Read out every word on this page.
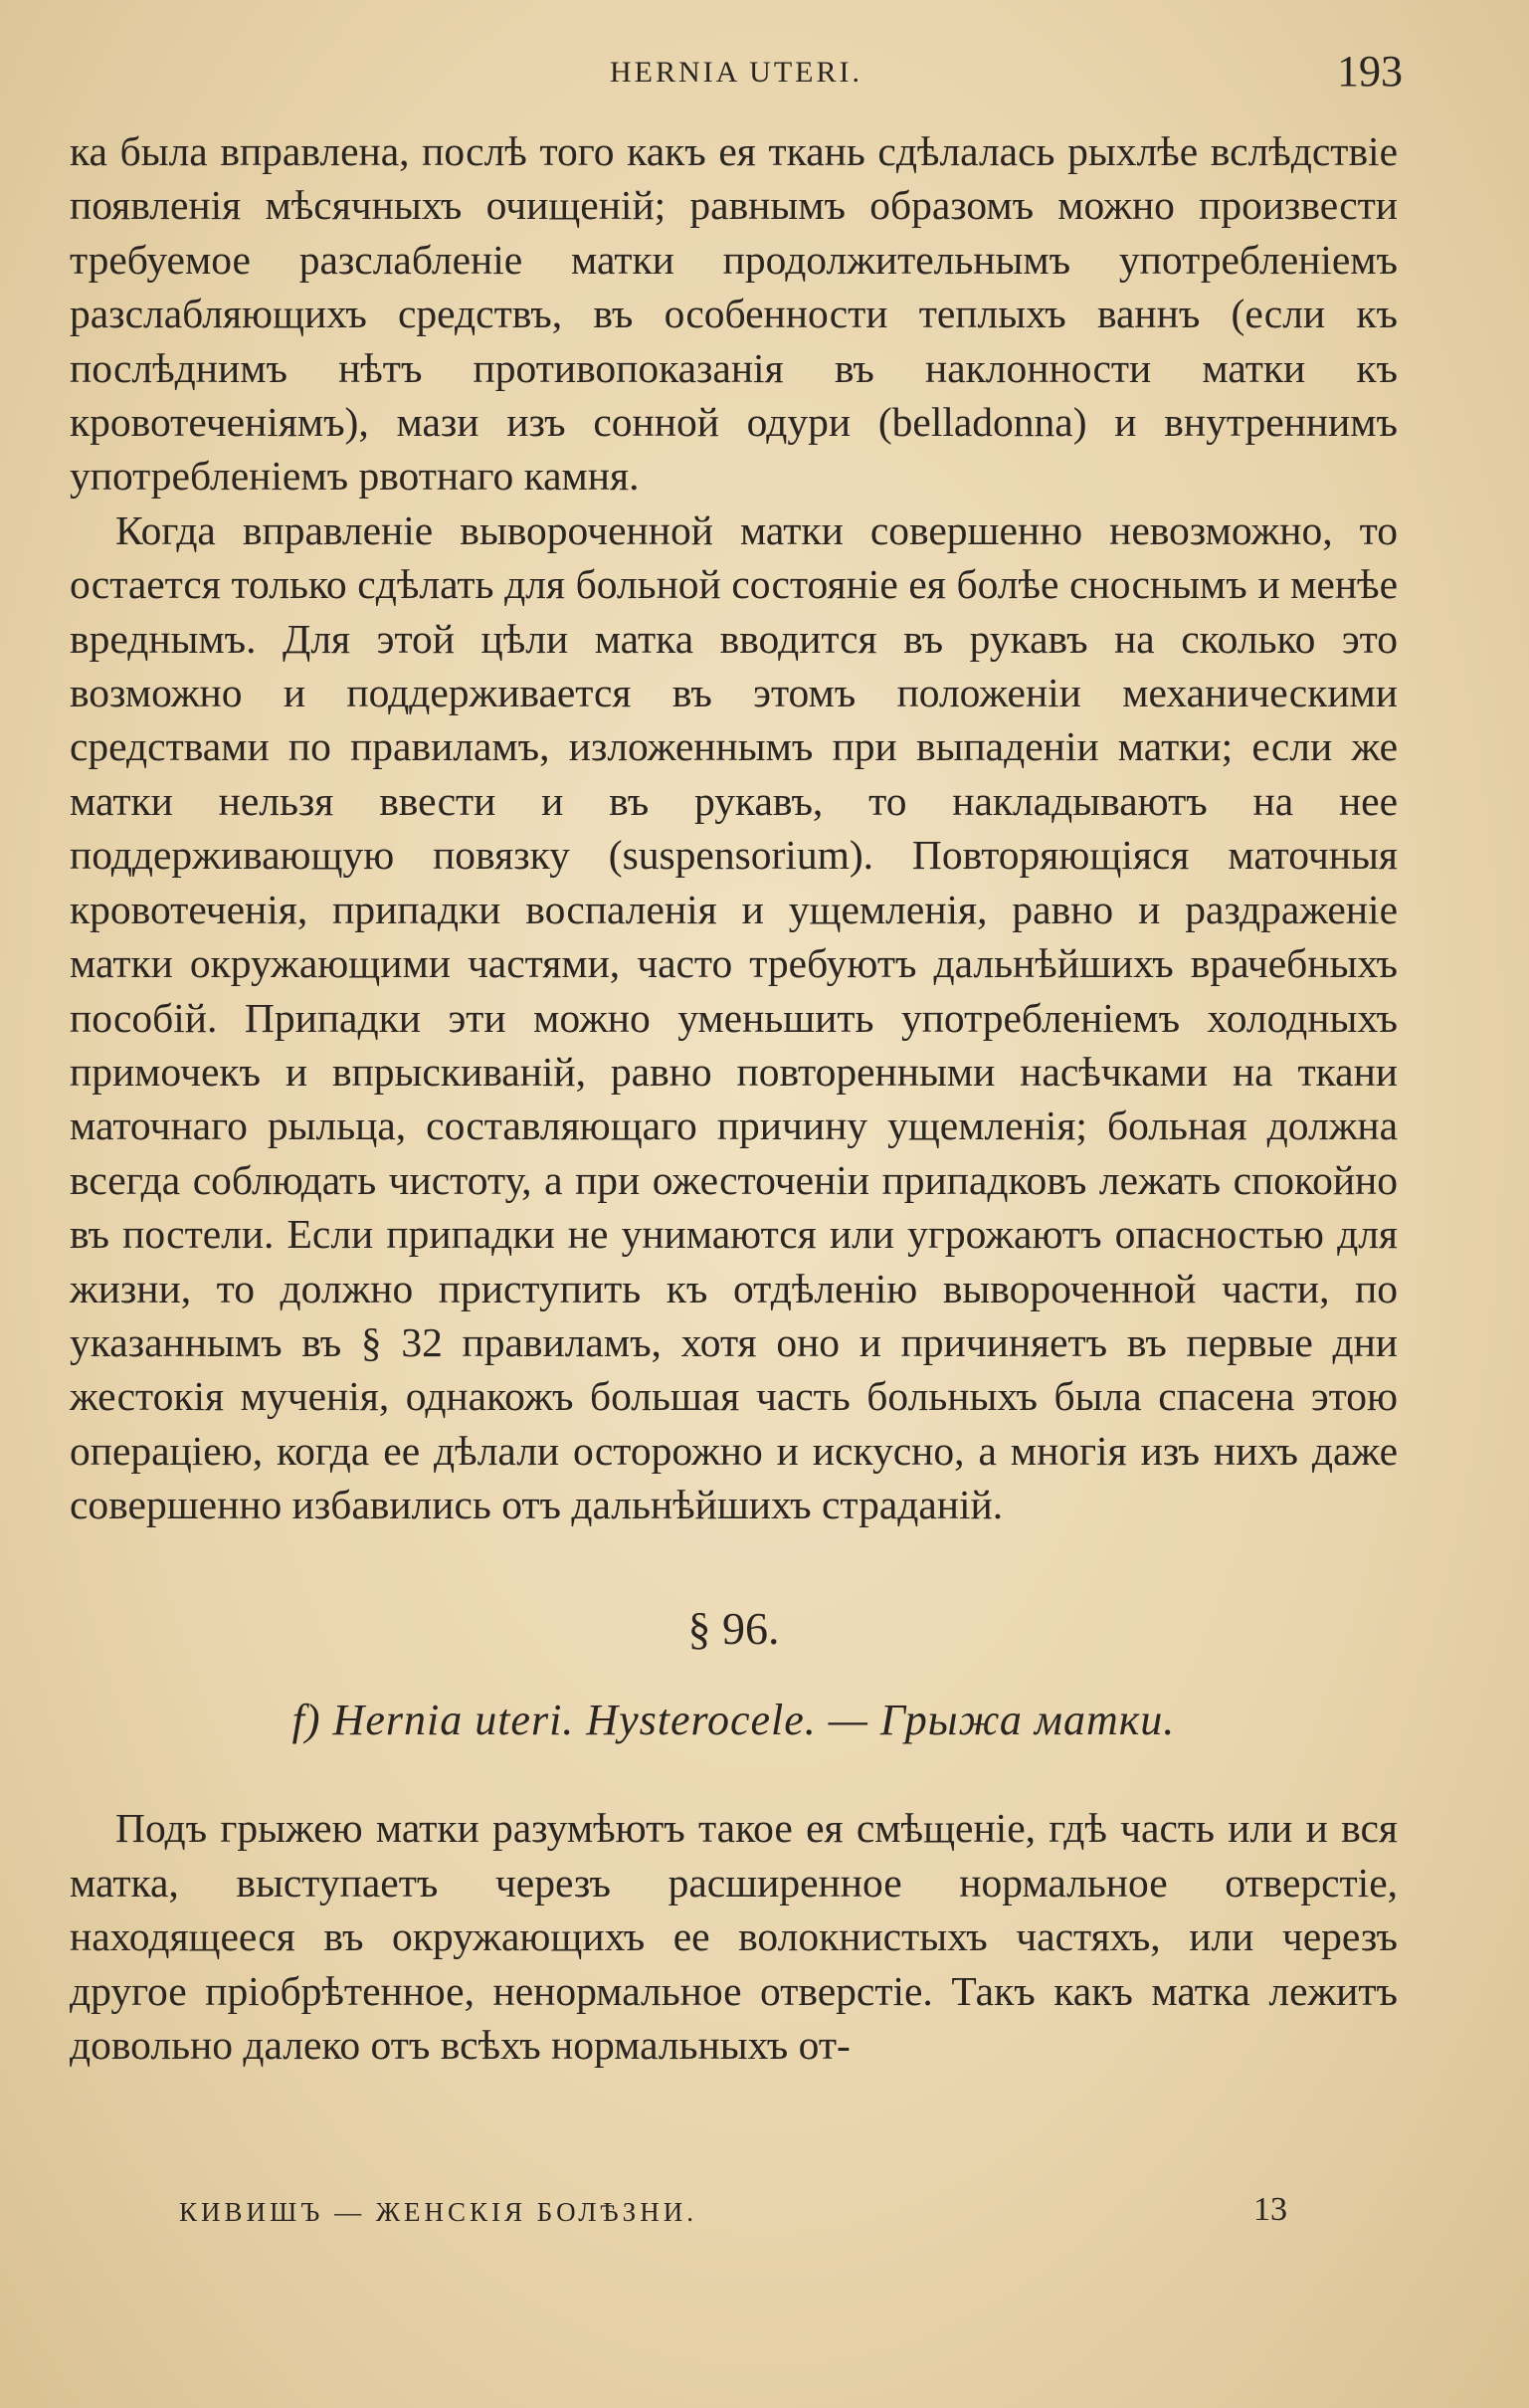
HERNIA UTERI.	193

ка была вправлена, послѣ того какъ ея ткань сдѣлалась рыхлѣе вслѣдствіе появленія мѣсячныхъ очищеній; равнымъ образомъ можно произвести требуемое разслабленіе матки продолжительнымъ употребленіемъ разслабляющихъ средствъ, въ особенности теплыхъ ваннъ (если къ послѣднимъ нѣтъ противопоказанія въ наклонности матки къ кровотеченіямъ), мази изъ сонной одури (belladonna) и внутреннимъ употребленіемъ рвотнаго камня.

Когда вправленіе вывороченной матки совершенно невозможно, то остается только сдѣлать для больной состояніе ея болѣе сноснымъ и менѣе вреднымъ. Для этой цѣли матка вводится въ рукавъ на сколько это возможно и поддерживается въ этомъ положеніи механическими средствами по правиламъ, изложеннымъ при выпаденіи матки; если же матки нельзя ввести и въ рукавъ, то накладываютъ на нее поддерживающую повязку (suspensorium). Повторяющіяся маточныя кровотеченія, припадки воспаленія и ущемленія, равно и раздраженіе матки окружающими частями, часто требуютъ дальнѣйшихъ врачебныхъ пособій. Припадки эти можно уменьшить употребленіемъ холодныхъ примочекъ и впрыскиваній, равно повторенными насѣчками на ткани маточнаго рыльца, составляющаго причину ущемленія; больная должна всегда соблюдать чистоту, а при ожесточеніи припадковъ лежать спокойно въ постели. Если припадки не унимаются или угрожаютъ опасностью для жизни, то должно приступить къ отдѣленію вывороченной части, по указаннымъ въ § 32 правиламъ, хотя оно и причиняетъ въ первые дни жестокія мученія, однакожъ большая часть больныхъ была спасена этою операціею, когда ее дѣлали осторожно и искусно, а многія изъ нихъ даже совершенно избавились отъ дальнѣйшихъ страданій.

§ 96.
f) Hernia uteri. Hysterocele. — Грыжа матки.

Подъ грыжею матки разумѣютъ такое ея смѣщеніе, гдѣ часть или и вся матка, выступаетъ черезъ расширенное нормальное отверстіе, находящееся въ окружающихъ ее волокнистыхъ частяхъ, или черезъ другое пріобрѣтенное, ненормальное отверстіе. Такъ какъ матка лежитъ довольно далеко отъ всѣхъ нормальныхъ от-

КИВИШЪ — ЖЕНСКІЯ БОЛѢЗНИ.	13
